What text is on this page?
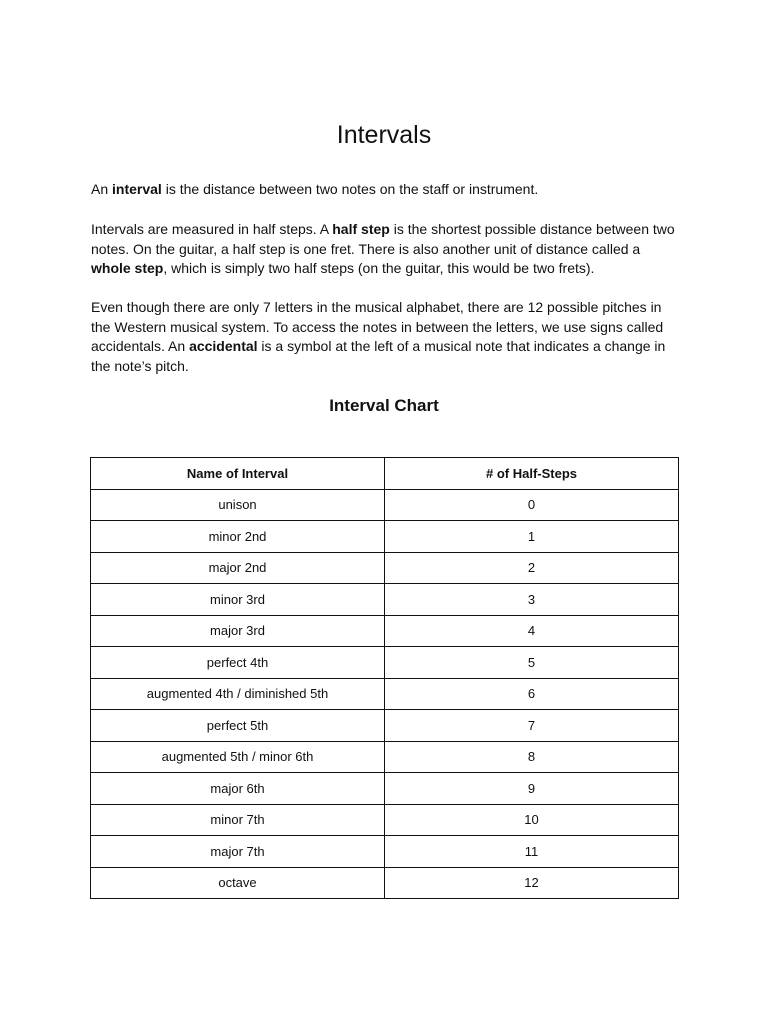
Intervals

An interval is the distance between two notes on the staff or instrument.

Intervals are measured in half steps. A half step is the shortest possible distance between two notes. On the guitar, a half step is one fret. There is also another unit of distance called a whole step, which is simply two half steps (on the guitar, this would be two frets).

Even though there are only 7 letters in the musical alphabet, there are 12 possible pitches in the Western musical system. To access the notes in between the letters, we use signs called accidentals. An accidental is a symbol at the left of a musical note that indicates a change in the note’s pitch.

Interval Chart
Name of Interval	# of Half-Steps
unison	0
minor 2nd	1
major 2nd	2
minor 3rd	3
major 3rd	4
perfect 4th	5
augmented 4th / diminished 5th	6
perfect 5th	7
augmented 5th / minor 6th	8
major 6th	9
minor 7th	10
major 7th	11
octave	12
